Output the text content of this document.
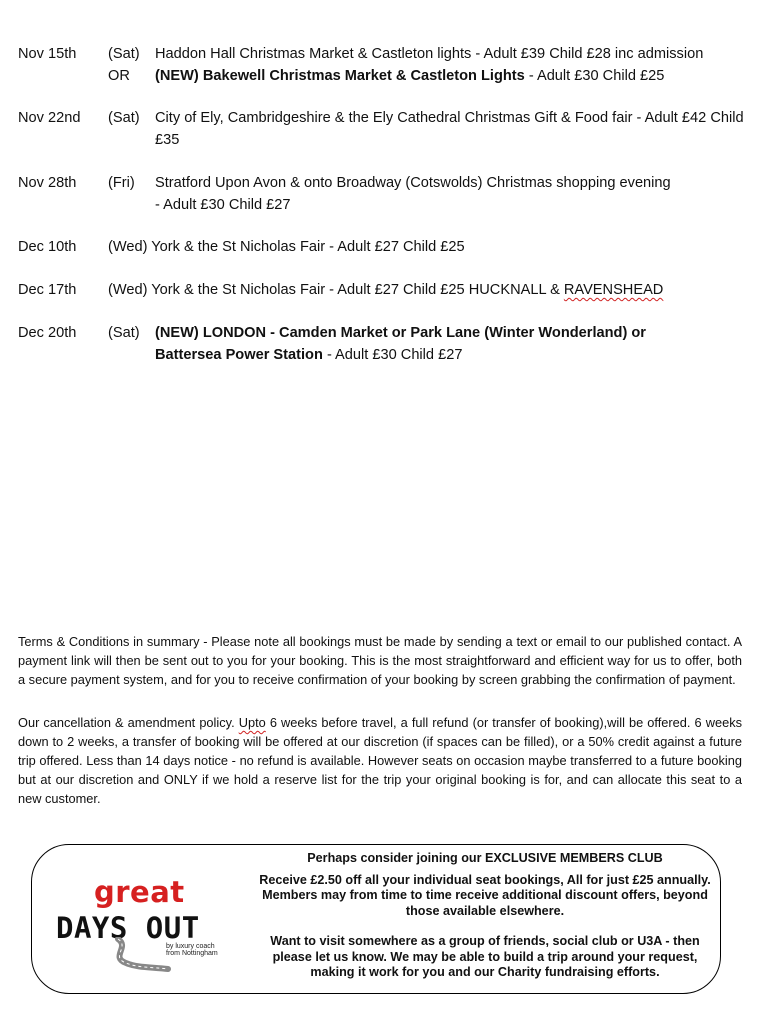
Nov 15th (Sat) Haddon Hall Christmas Market & Castleton lights - Adult £39 Child £28 inc admission
OR (NEW) Bakewell Christmas Market & Castleton Lights - Adult £30 Child £25
Nov 22nd (Sat) City of Ely, Cambridgeshire & the Ely Cathedral Christmas Gift & Food fair - Adult £42 Child £35
Nov 28th (Fri) Stratford Upon Avon & onto Broadway (Cotswolds) Christmas shopping evening
- Adult £30 Child £27
Dec 10th (Wed) York & the St Nicholas Fair - Adult £27 Child £25
Dec 17th (Wed) York & the St Nicholas Fair - Adult £27 Child £25 HUCKNALL & RAVENSHEAD
Dec 20th (Sat) (NEW) LONDON - Camden Market or Park Lane (Winter Wonderland) or Battersea Power Station - Adult £30 Child £27
Terms & Conditions in summary - Please note all bookings must be made by sending a text or email to our published contact. A payment link will then be sent out to you for your booking. This is the most straightforward and efficient way for us to offer, both a secure payment system, and for you to receive confirmation of your booking by screen grabbing the confirmation of payment.
Our cancellation & amendment policy. Upto 6 weeks before travel, a full refund (or transfer of booking),will be offered. 6 weeks down to 2 weeks, a transfer of booking will be offered at our discretion (if spaces can be filled), or a 50% credit against a future trip offered. Less than 14 days notice - no refund is available. However seats on occasion maybe transferred to a future booking but at our discretion and ONLY if we hold a reserve list for the trip your original booking is for, and can allocate this seat to a new customer.
great
DAYS OUT
by luxury coach
from Nottingham

Perhaps consider joining our EXCLUSIVE MEMBERS CLUB

Receive £2.50 off all your individual seat bookings, All for just £25 annually. Members may from time to time receive additional discount offers, beyond those available elsewhere.

Want to visit somewhere as a group of friends, social club or U3A - then please let us know. We may be able to build a trip around your request, making it work for you and our Charity fundraising efforts.
